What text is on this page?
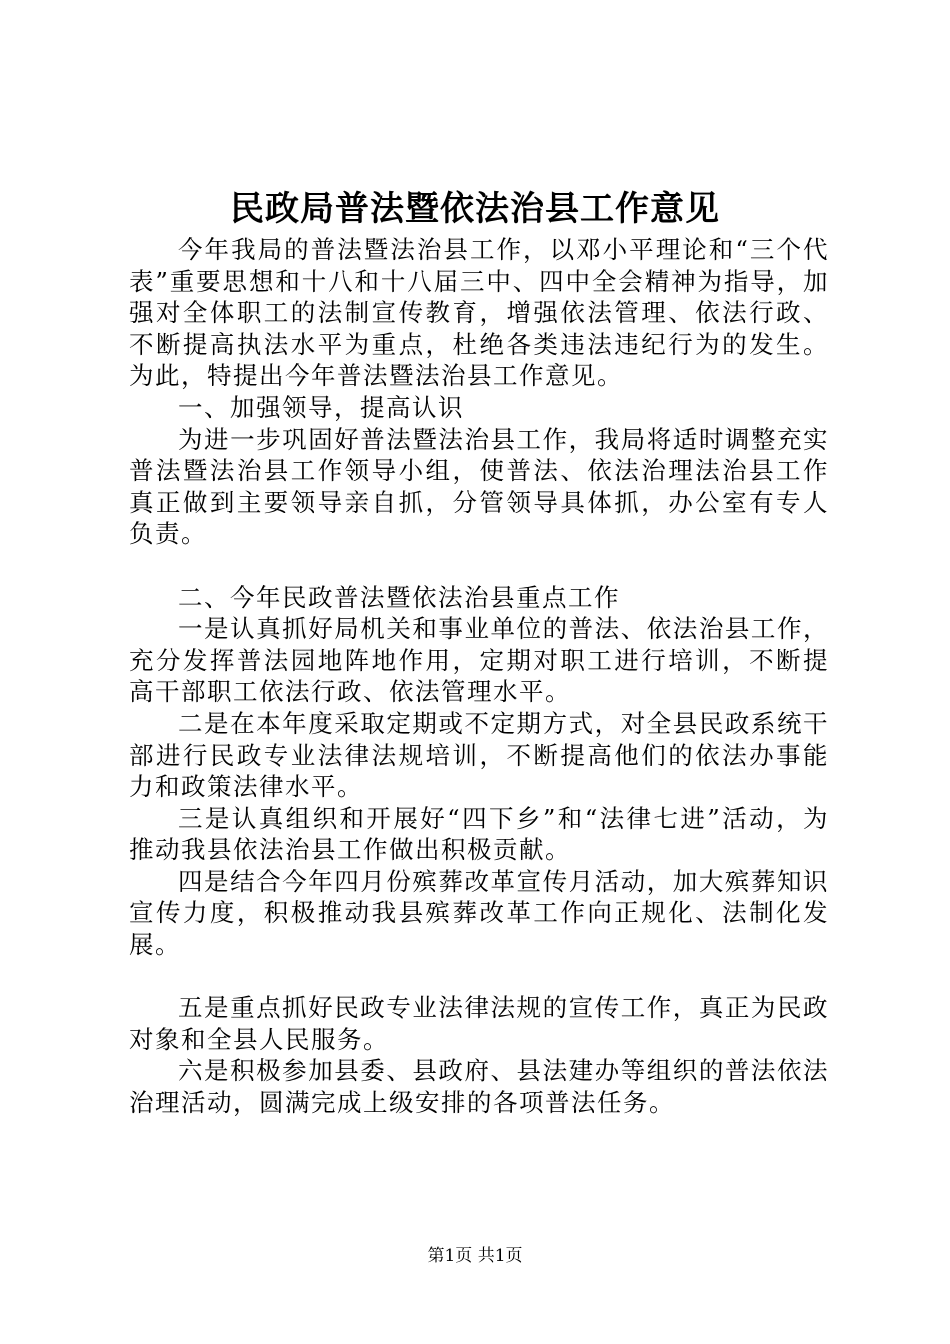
民政局普法暨依法治县工作意见

今年我局的普法暨法治县工作，以邓小平理论和“三个代表”重要思想和十八和十八届三中、四中全会精神为指导，加强对全体职工的法制宣传教育，增强依法管理、依法行政、不断提高执法水平为重点，杜绝各类违法违纪行为的发生。为此，特提出今年普法暨法治县工作意见。

一、加强领导，提高认识

为进一步巩固好普法暨法治县工作，我局将适时调整充实普法暨法治县工作领导小组，使普法、依法治理法治县工作真正做到主要领导亲自抓，分管领导具体抓，办公室有专人负责。

二、今年民政普法暨依法治县重点工作

一是认真抓好局机关和事业单位的普法、依法治县工作，充分发挥普法园地阵地作用，定期对职工进行培训，不断提高干部职工依法行政、依法管理水平。

二是在本年度采取定期或不定期方式，对全县民政系统干部进行民政专业法律法规培训，不断提高他们的依法办事能力和政策法律水平。

三是认真组织和开展好“四下乡”和“法律七进”活动，为推动我县依法治县工作做出积极贡献。

四是结合今年四月份殡葬改革宣传月活动，加大殡葬知识宣传力度，积极推动我县殡葬改革工作向正规化、法制化发展。

五是重点抓好民政专业法律法规的宣传工作，真正为民政对象和全县人民服务。

六是积极参加县委、县政府、县法建办等组织的普法依法治理活动，圆满完成上级安排的各项普法任务。

第1页 共1页
